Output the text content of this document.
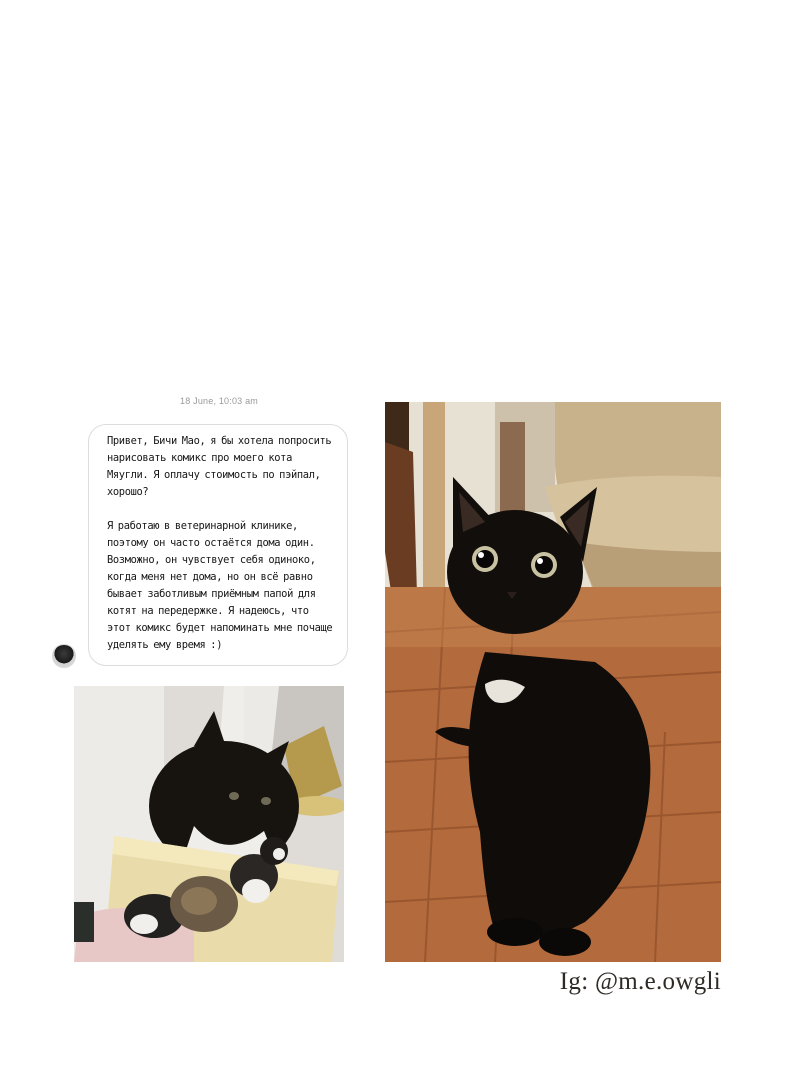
18 June, 10:03 am

Привет, Бичи Мао, я бы хотела попросить нарисовать комикс про моего кота Мяугли. Я оплачу стоимость по пэйпал, хорошо?

Я работаю в ветеринарной клинике, поэтому он часто остаётся дома один. Возможно, он чувствует себя одиноко, когда меня нет дома, но он всё равно бывает заботливым приёмным папой для котят на передержке. Я надеюсь, что этот комикс будет напоминать мне почаще уделять ему время :)

Ig: @m.e.owgli
